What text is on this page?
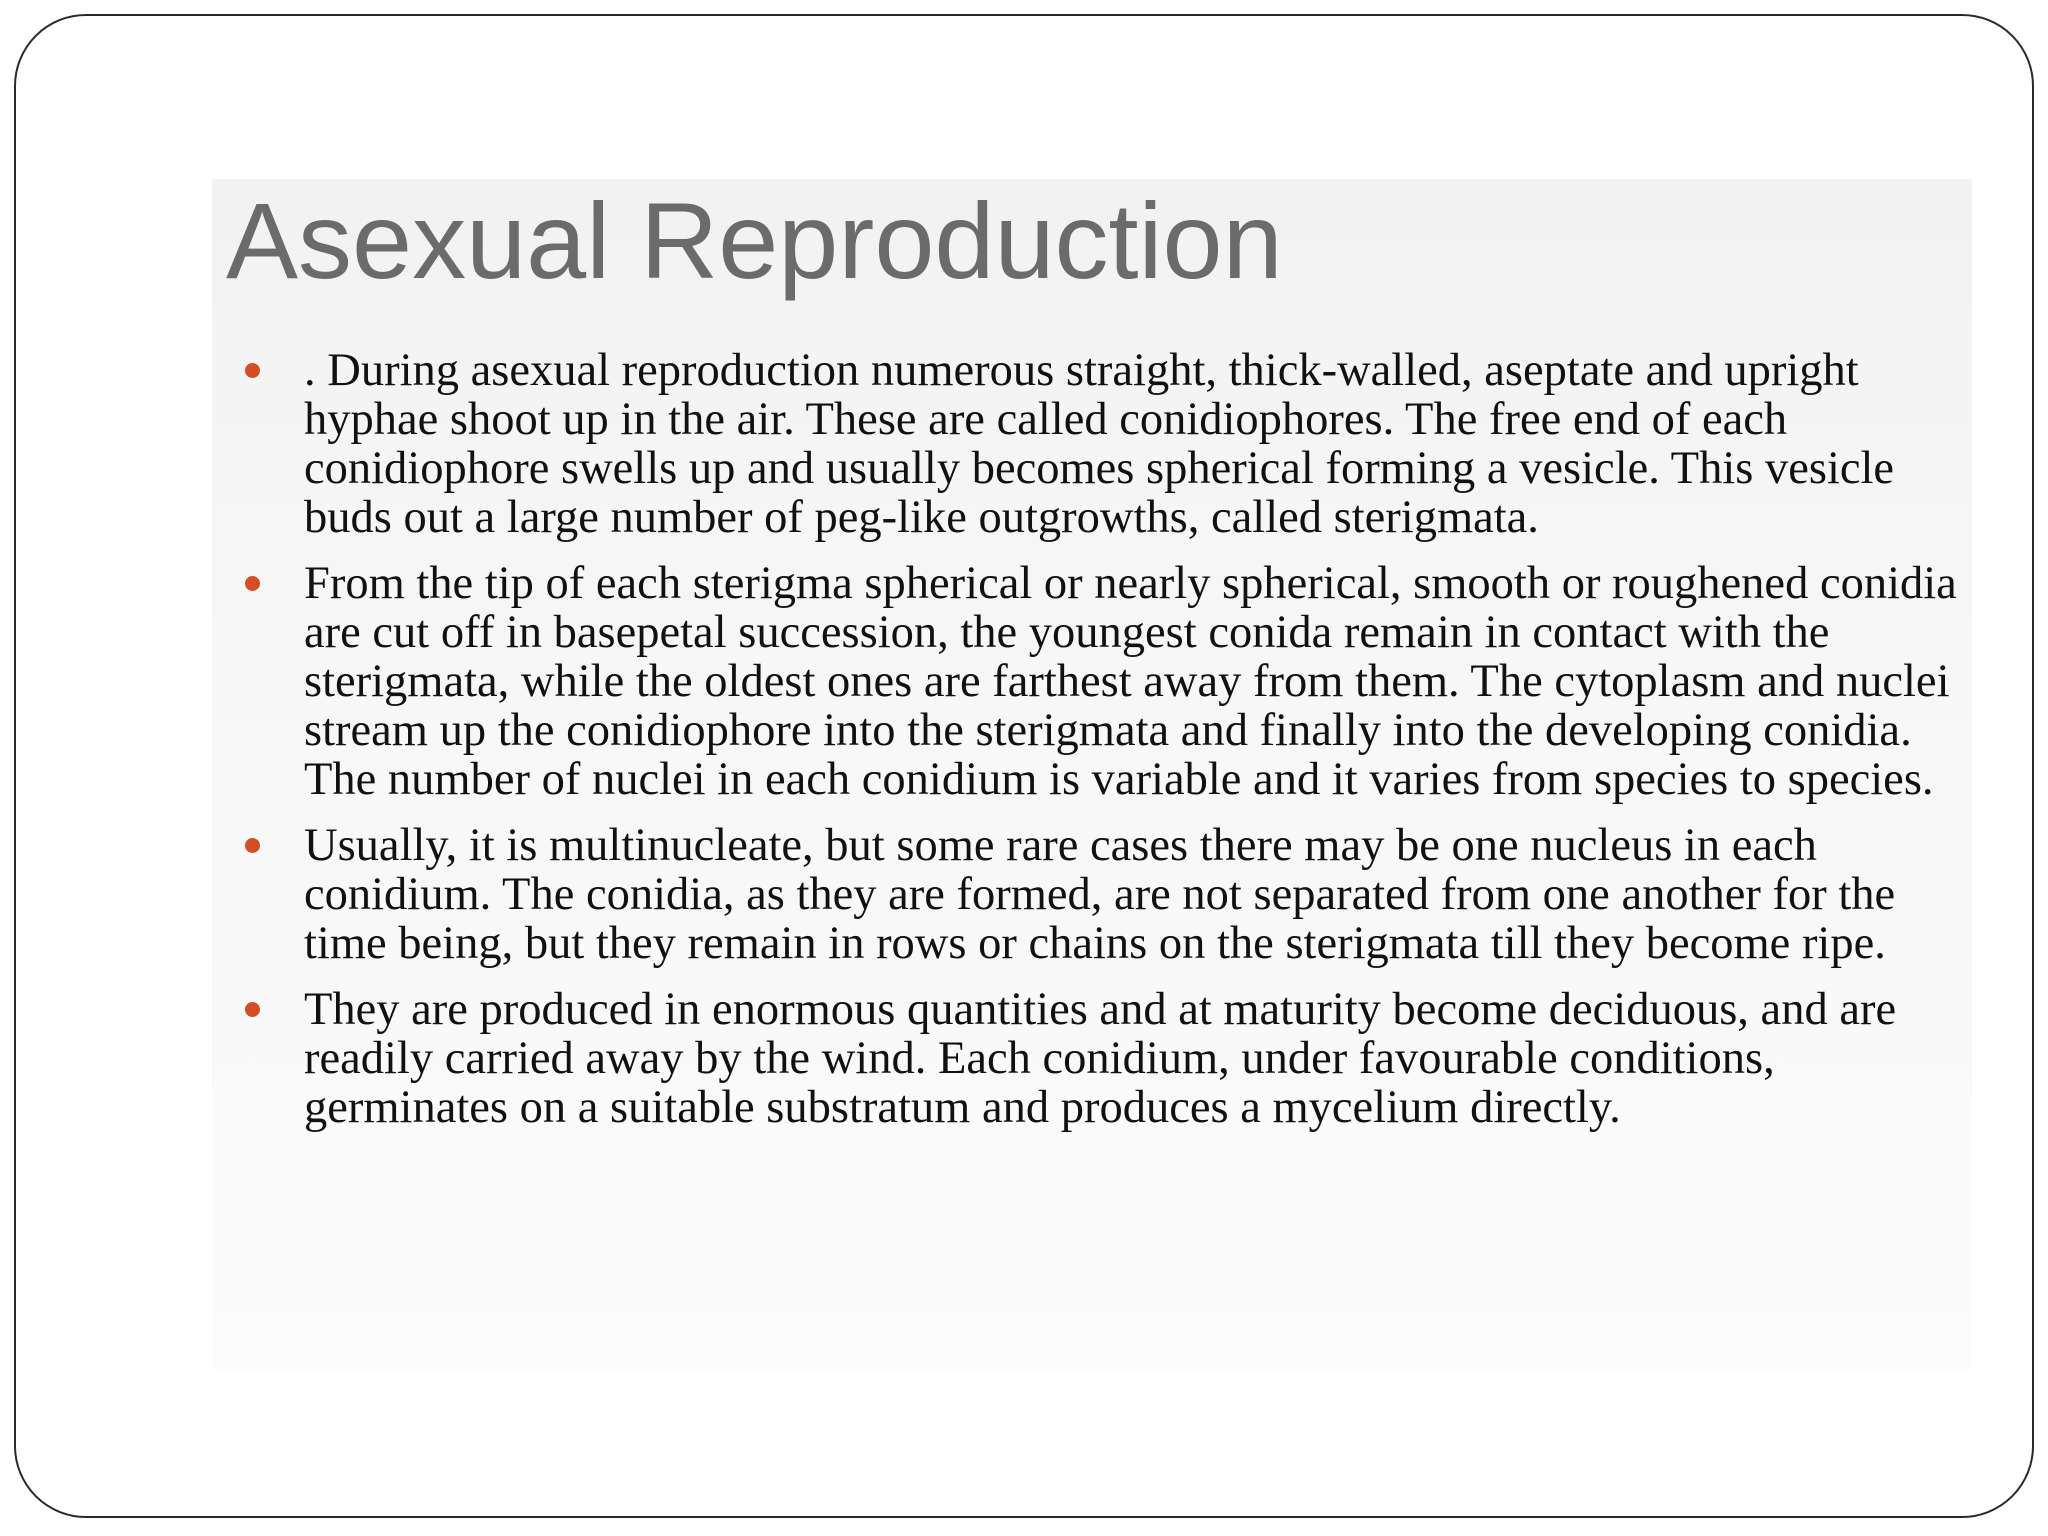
Asexual Reproduction
. During asexual reproduction numerous straight, thick-walled, aseptate and upright hyphae shoot up in the air. These are called conidiophores. The free end of each conidiophore swells up and usually becomes spherical forming a vesicle. This vesicle buds out a large number of peg-like outgrowths, called sterigmata.
From the tip of each sterigma spherical or nearly spherical, smooth or roughened conidia are cut off in basepetal succession, the youngest conida remain in contact with the sterigmata, while the oldest ones are farthest away from them. The cytoplasm and nuclei stream up the conidiophore into the sterigmata and finally into the developing conidia. The number of nuclei in each conidium is variable and it varies from species to species.
Usually, it is multinucleate, but some rare cases there may be one nucleus in each conidium. The conidia, as they are formed, are not separated from one another for the time being, but they remain in rows or chains on the sterigmata till they become ripe.
They are produced in enormous quantities and at maturity become deciduous, and are readily carried away by the wind. Each conidium, under favourable conditions, germinates on a suitable substratum and produces a mycelium directly.
